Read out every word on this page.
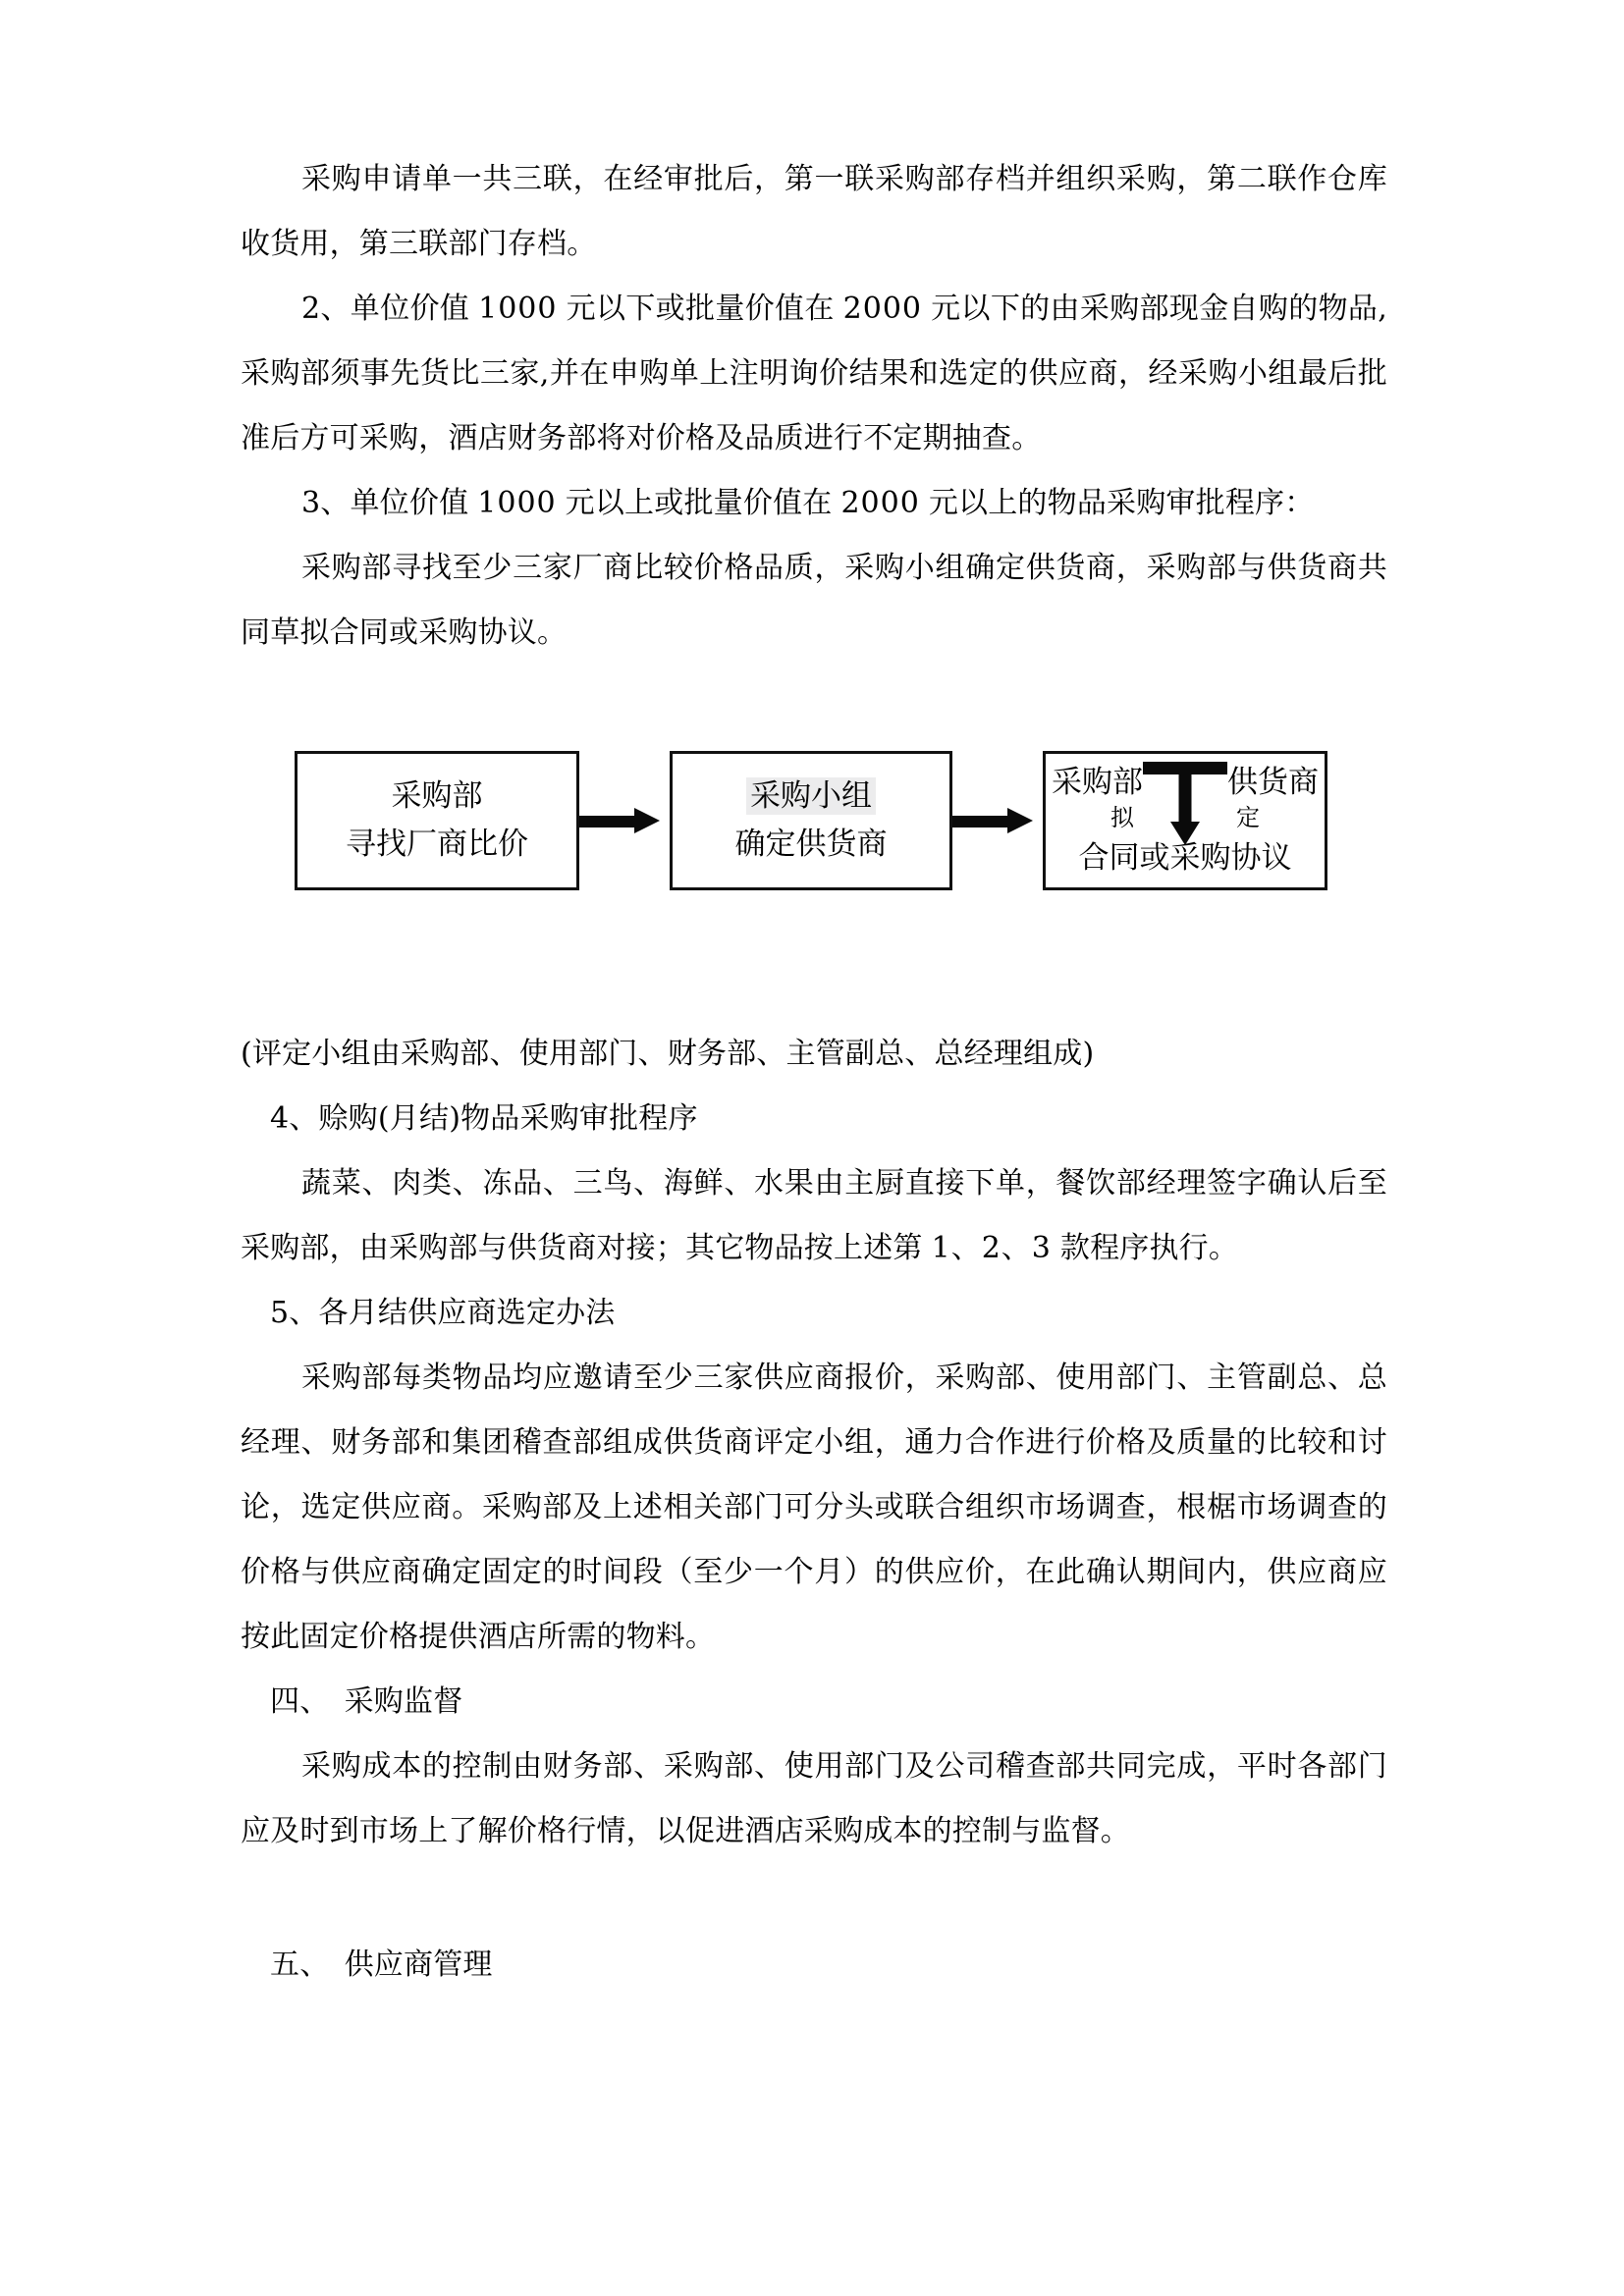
采购申请单一共三联，在经审批后，第一联采购部存档并组织采购，第二联作仓库收货用，第三联部门存档。

2、单位价值 1000 元以下或批量价值在 2000 元以下的由采购部现金自购的物品,采购部须事先货比三家,并在申购单上注明询价结果和选定的供应商，经采购小组最后批准后方可采购，酒店财务部将对价格及品质进行不定期抽查。

3、单位价值 1000 元以上或批量价值在 2000 元以上的物品采购审批程序：

采购部寻找至少三家厂商比较价格品质，采购小组确定供货商，采购部与供货商共同草拟合同或采购协议。

采购部
寻找厂商比价
采购小组
确定供货商
采购部	供货商
拟	定
合同或采购协议

(评定小组由采购部、使用部门、财务部、主管副总、总经理组成)

4、赊购(月结)物品采购审批程序

蔬菜、肉类、冻品、三鸟、海鲜、水果由主厨直接下单，餐饮部经理签字确认后至采购部，由采购部与供货商对接；其它物品按上述第 1、2、3 款程序执行。

5、各月结供应商选定办法

采购部每类物品均应邀请至少三家供应商报价，采购部、使用部门、主管副总、总经理、财务部和集团稽查部组成供货商评定小组，通力合作进行价格及质量的比较和讨论，选定供应商。采购部及上述相关部门可分头或联合组织市场调查，根椐市场调查的价格与供应商确定固定的时间段（至少一个月）的供应价，在此确认期间内，供应商应按此固定价格提供酒店所需的物料。

四、　采购监督

采购成本的控制由财务部、采购部、使用部门及公司稽查部共同完成，平时各部门应及时到市场上了解价格行情，以促进酒店采购成本的控制与监督。

五、　供应商管理
